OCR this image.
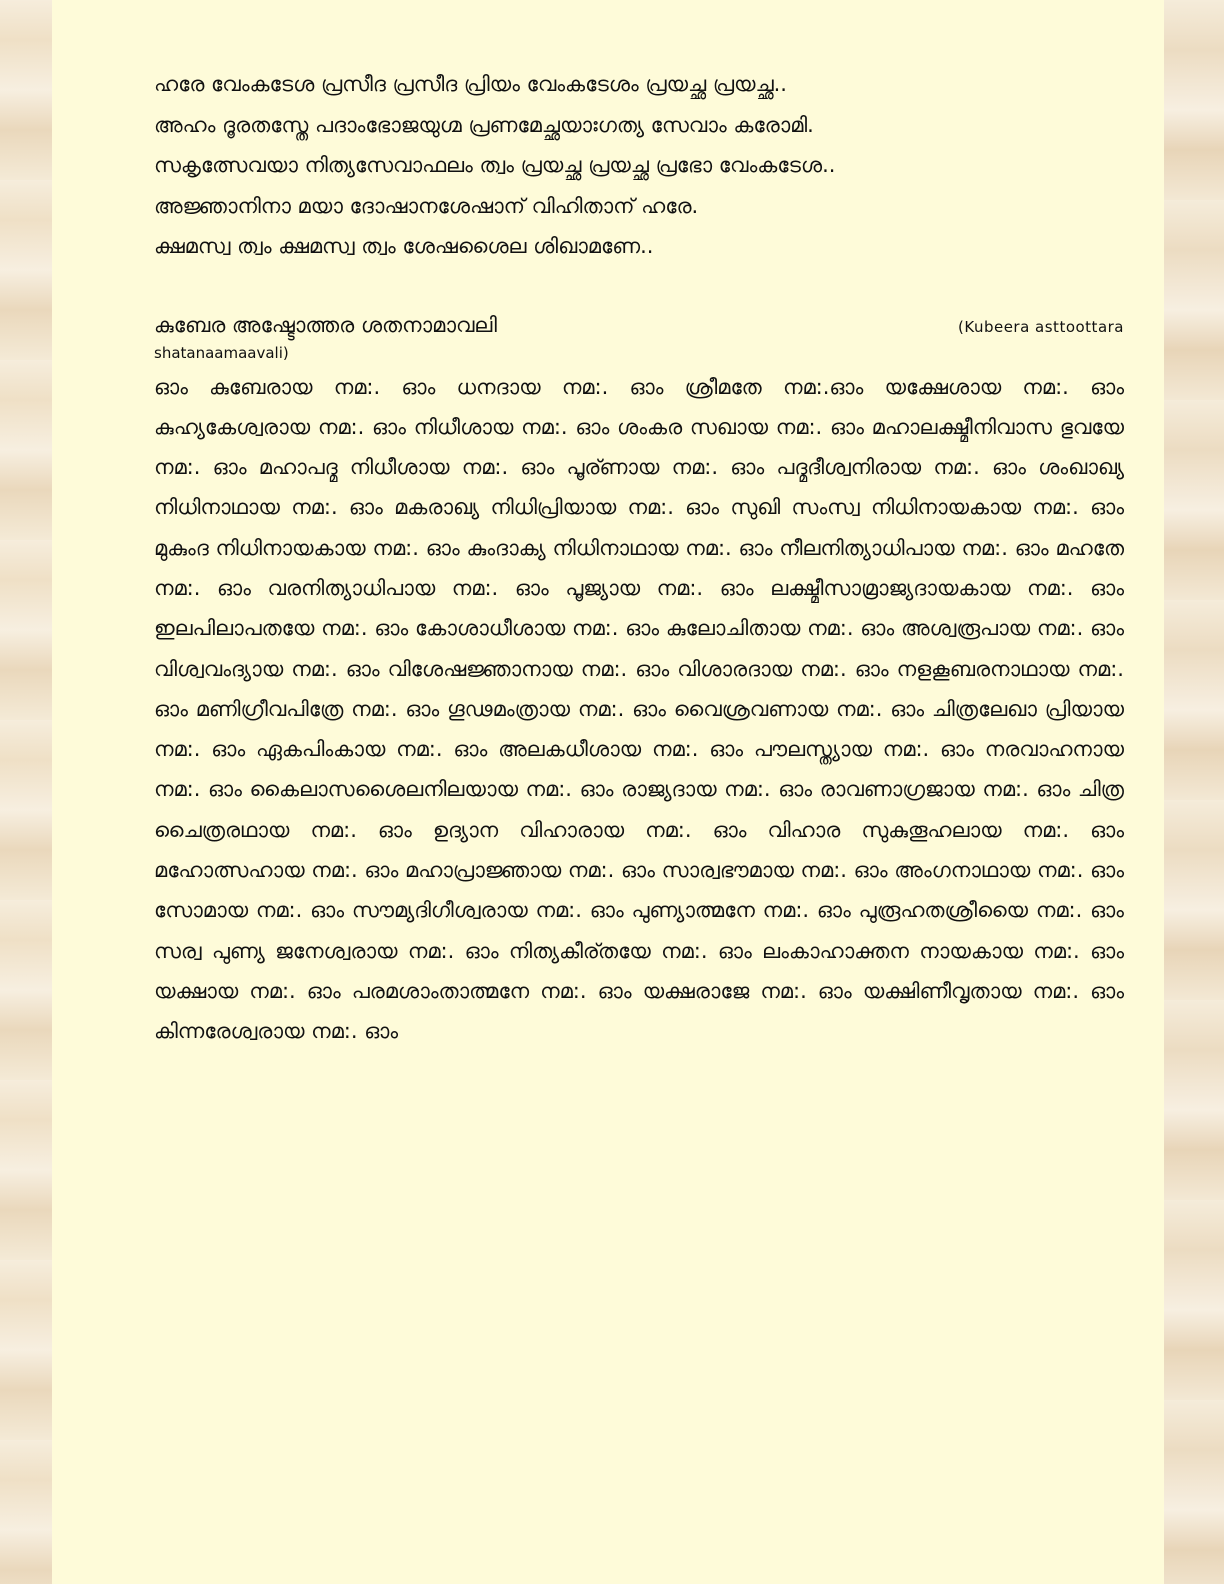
ഹരേ വേംകടേശ പ്രസീദ പ്രസീദ പ്രിയം വേംകടേശം പ്രയച്ഛ പ്രയച്ഛ..

അഹം ദൂരതസ്തേ പദാംഭോജയുഗ്മ പ്രണമേച്ഛയാഃഗത്യ സേവാം കരോമി.

സകൃത്സേവയാ നിത്യസേവാഫലം ത്വം പ്രയച്ഛ പ്രയച്ഛ പ്രഭോ വേംകടേശ..

അജ്ഞാനിനാ മയാ ദോഷാനശേഷാന് വിഹിതാന് ഹരേ.

ക്ഷമസ്വ ത്വം ക്ഷമസ്വ ത്വം ശേഷശൈല ശിഖാമണേ..

കുബേര അഷ്ടോത്തര ശതനാമാവലി	(Kubeera asttoottara
shatanaamaavali)

ഓം കുബേരായ നമ:. ഓം ധനദായ നമ:. ഓം ശ്രീമതേ നമ:.ഓം യക്ഷേശായ നമ:. ഓം കുഹ്യകേശ്വരായ നമ:. ഓം നിധീശായ നമ:. ഓം ശംകര സഖായ നമ:. ഓം മഹാലക്ഷ്മീനിവാസ ഭുവയേ നമ:. ഓം മഹാപദ്മ നിധീശായ നമ:. ഓം പൂര്ണായ നമ:. ഓം പദ്മദീശ്വനിരായ നമ:. ഓം ശംഖാഖ്യ നിധിനാഥായ നമ:. ഓം മകരാഖ്യ നിധിപ്രിയായ നമ:. ഓം സുഖി സംസ്വ നിധിനായകായ നമ:. ഓം മുകുംദ നിധിനായകായ നമ:. ഓം കുംദാക്യ നിധിനാഥായ നമ:. ഓം നീലനിത്യാധിപായ നമ:. ഓം മഹതേ നമ:. ഓം വരനിത്യാധിപായ നമ:. ഓം പൂജ്യായ നമ:. ഓം ലക്ഷ്മീസാമ്രാജ്യദായകായ നമ:. ഓം ഇലപിലാപതയേ നമ:. ഓം കോശാധീശായ നമ:. ഓം കുലോചിതായ നമ:. ഓം അശ്വരൂപായ നമ:. ഓം വിശ്വവംദ്യായ നമ:. ഓം വിശേഷജ്ഞാനായ നമ:. ഓം വിശാരദായ നമ:. ഓം നളകൂബരനാഥായ നമ:. ഓം മണിഗ്രീവപിത്രേ നമ:. ഓം ഗൂഢമംത്രായ നമ:. ഓം വൈശ്രവണായ നമ:. ഓം ചിത്രലേഖാ പ്രിയായ നമ:. ഓം ഏകപിംകായ നമ:. ഓം അലകധീശായ നമ:. ഓം പൗലസ്ത്യായ നമ:. ഓം നരവാഹനായ നമ:. ഓം കൈലാസശൈലനിലയായ നമ:. ഓം രാജ്യദായ നമ:. ഓം രാവണാഗ്രജായ നമ:. ഓം ചിത്ര ചൈത്രരഥായ നമ:. ഓം ഉദ്യാന വിഹാരായ നമ:. ഓം വിഹാര സുകുതൂഹലായ നമ:. ഓം മഹോത്സഹായ നമ:. ഓം മഹാപ്രാജ്ഞായ നമ:. ഓം സാര്വഭൗമായ നമ:. ഓം അംഗനാഥായ നമ:. ഓം സോമായ നമ:. ഓം സൗമ്യദിഗീശ്വരായ നമ:. ഓം പുണ്യാത്മനേ നമ:. ഓം പുരൂഹതശ്രീയൈ നമ:. ഓം സര്വ പുണ്യ ജനേശ്വരായ നമ:. ഓം നിത്യകീര്തയേ നമ:. ഓം ലംകാഹാക്തന നായകായ നമ:. ഓം യക്ഷായ നമ:. ഓം പരമശാംതാത്മനേ നമ:. ഓം യക്ഷരാജേ നമ:. ഓം യക്ഷിണീവൃതായ നമ:. ഓം കിന്നരേശ്വരായ നമ:. ഓം
